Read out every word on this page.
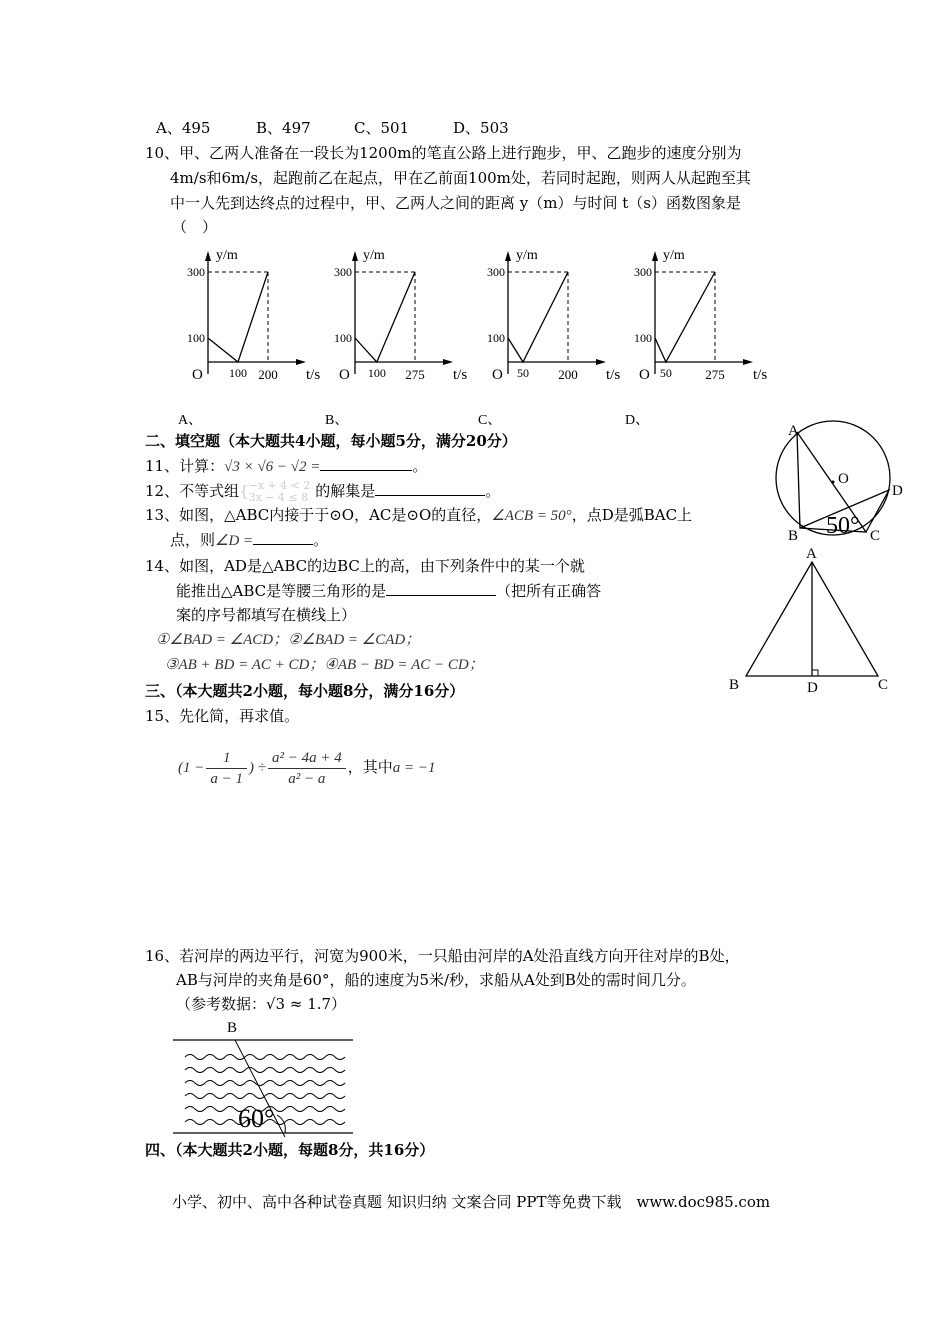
A、495	B、497	C、501	D、503
10、甲、乙两人准备在一段长为1200m的笔直公路上进行跑步，甲、乙跑步的速度分别为
4m/s和6m/s，起跑前乙在起点，甲在乙前面100m处，若同时起跑，则两人从起跑至其
中一人先到达终点的过程中，甲、乙两人之间的距离 y（m）与时间 t（s）函数图象是
（　）
y/m
300
100
O 100 200 t/s
A、
y/m
300
100
O 100 275 t/s
B、
y/m
300
100
O 50 200 t/s
C、
y/m
300
100
O 50	275 t/s
D、
二、填空题（本大题共4小题，每小题5分，满分20分）
11、计算：√3 × √6 − √2 =	。
12、不等式组{−x + 4 < 2
3x − 4 ≤ 8 的解集是	。
13、如图，△ABC内接于于⊙O，AC是⊙O的直径，∠ACB = 50°，点D是弧BAC上
点，则∠D =	。
14、如图，AD是△ABC的边BC上的高，由下列条件中的某一个就
能推出△ABC是等腰三角形的是	（把所有正确答
案的序号都填写在横线上）
①∠BAD = ∠ACD；②∠BAD = ∠CAD；
③AB + BD = AC + CD；④AB − BD = AC − CD；
A
B	C
D
O
50°
A
B	C
D
三、（本大题共2小题，每小题8分，满分16分）
15、先化简，再求值。
($1 - \frac{1}{a - 1}$ ) ÷ $\frac{\text{a² − 4a + 4}}{\text{a² − a}}$ ，其中a = −1
16、若河岸的两边平行，河宽为900米，一只船由河岸的A处沿直线方向开往对岸的B处，
AB与河岸的夹角是60°，船的速度为5米/秒，求船从A处到B处的需时间几分。
（参考数据：√3 ≈ 1.7）
B
60°
四、（本大题共2小题，每题8分，共16分）
小学、初中、高中各种试卷真题 知识归纳 文案合同 PPT等免费下载　www.doc985.com
